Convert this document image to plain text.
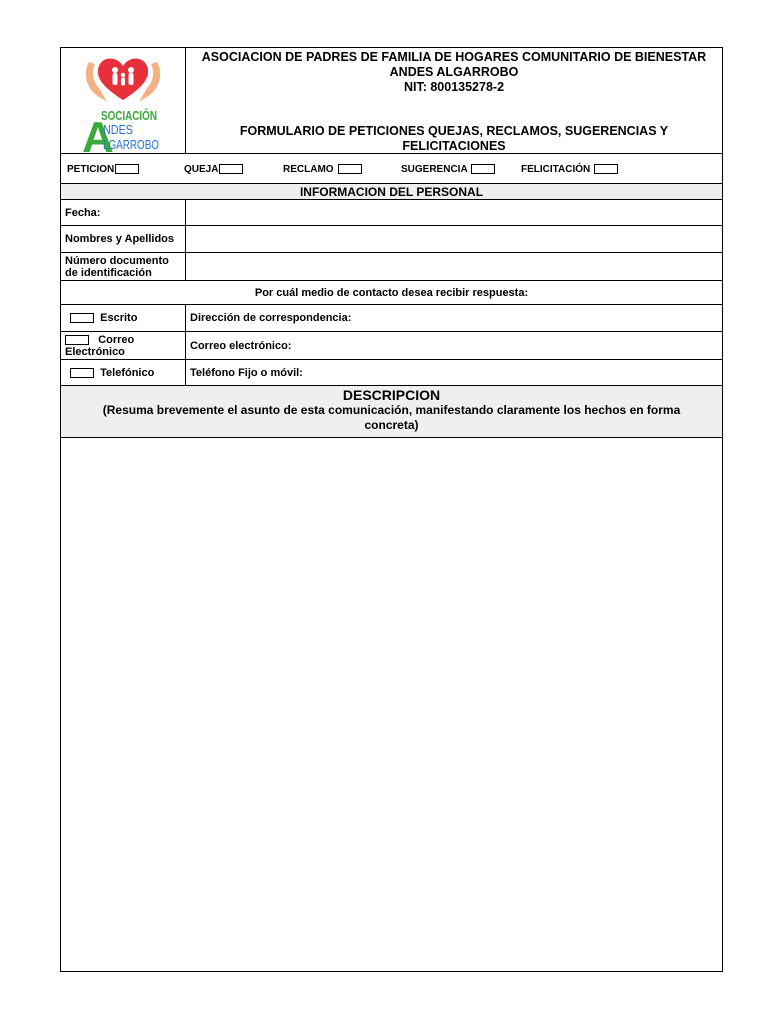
A
SOCIACIÓN
NDES
LGARROBO
ASOCIACION DE PADRES DE FAMILIA DE HOGARES COMUNITARIO DE BIENESTAR
ANDES ALGARROBO
NIT: 800135278-2
FORMULARIO DE PETICIONES QUEJAS, RECLAMOS, SUGERENCIAS Y
FELICITACIONES
PETICION	QUEJA	RECLAMO	SUGERENCIA	FELICITACIÓN
INFORMACION DEL PERSONAL
Fecha:
Nombres y Apellidos
Número documento
de identificación
Por cuál medio de contacto desea recibir respuesta:
Escrito	Dirección de correspondencia:
Correo
Electrónico	Correo electrónico:
Telefónico	Teléfono Fijo o móvil:
DESCRIPCION
(Resuma brevemente el asunto de esta comunicación, manifestando claramente los hechos en forma concreta)
